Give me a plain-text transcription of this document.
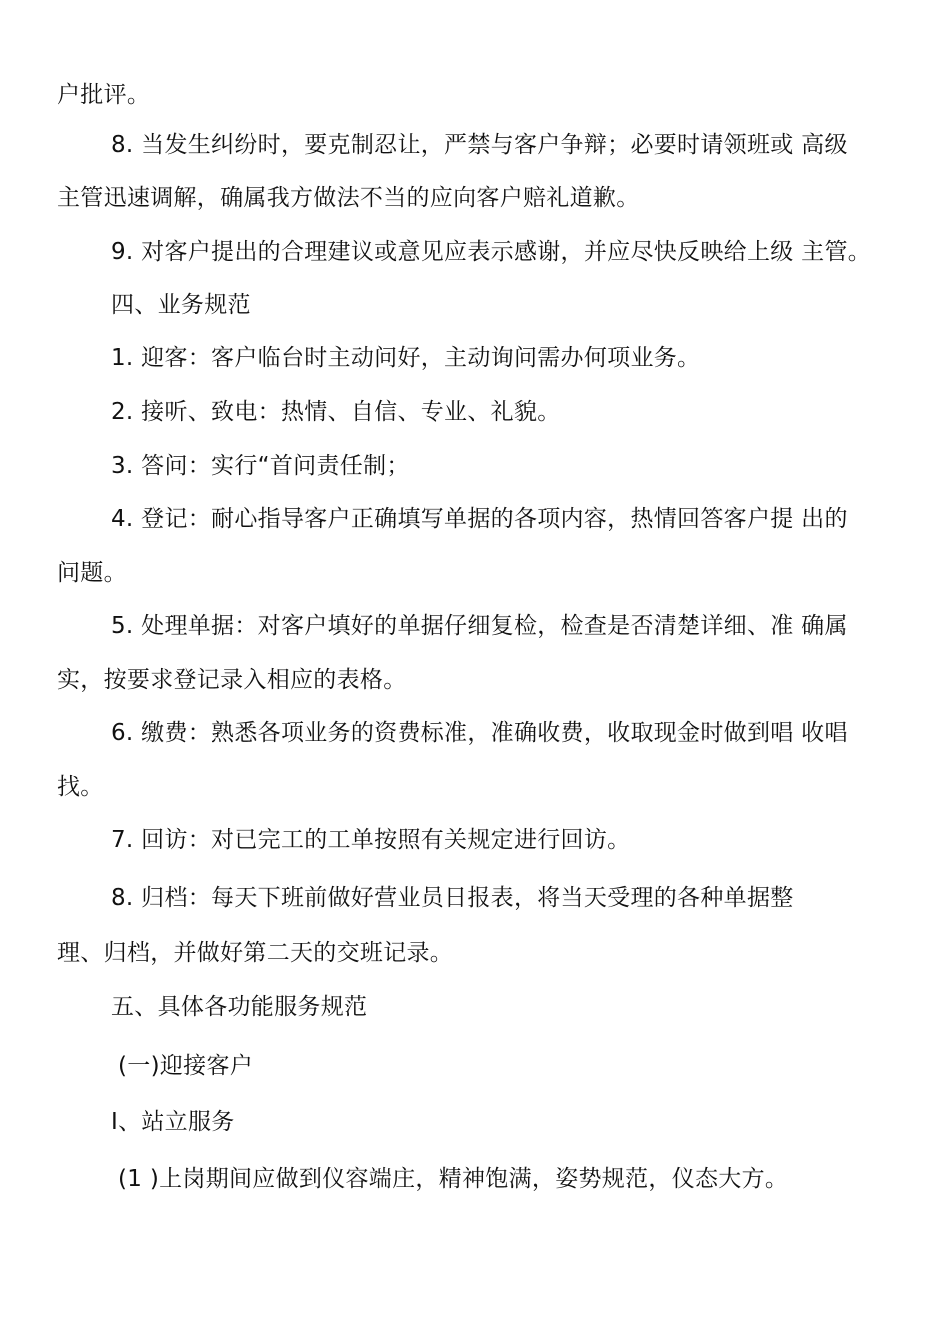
户批评。
8. 当发生纠纷时，要克制忍让，严禁与客户争辩；必要时请领班或 高级
主管迅速调解，确属我方做法不当的应向客户赔礼道歉。
9. 对客户提出的合理建议或意见应表示感谢，并应尽快反映给上级 主管。
四、业务规范
1. 迎客：客户临台时主动问好，主动询问需办何项业务。
2. 接听、致电：热情、自信、专业、礼貌。
3. 答问：实行“首问责任制；
4. 登记：耐心指导客户正确填写单据的各项内容，热情回答客户提 出的
问题。
5. 处理单据：对客户填好的单据仔细复检，检查是否清楚详细、准 确属
实，按要求登记录入相应的表格。
6. 缴费：熟悉各项业务的资费标准，准确收费，收取现金时做到唱 收唱
找。
7. 回访：对已完工的工单按照有关规定进行回访。
8. 归档：每天下班前做好营业员日报表，将当天受理的各种单据整
理、归档，并做好第二天的交班记录。
五、具体各功能服务规范
(一)迎接客户
I、站立服务
(1 )上岗期间应做到仪容端庄，精神饱满，姿势规范，仪态大方。
